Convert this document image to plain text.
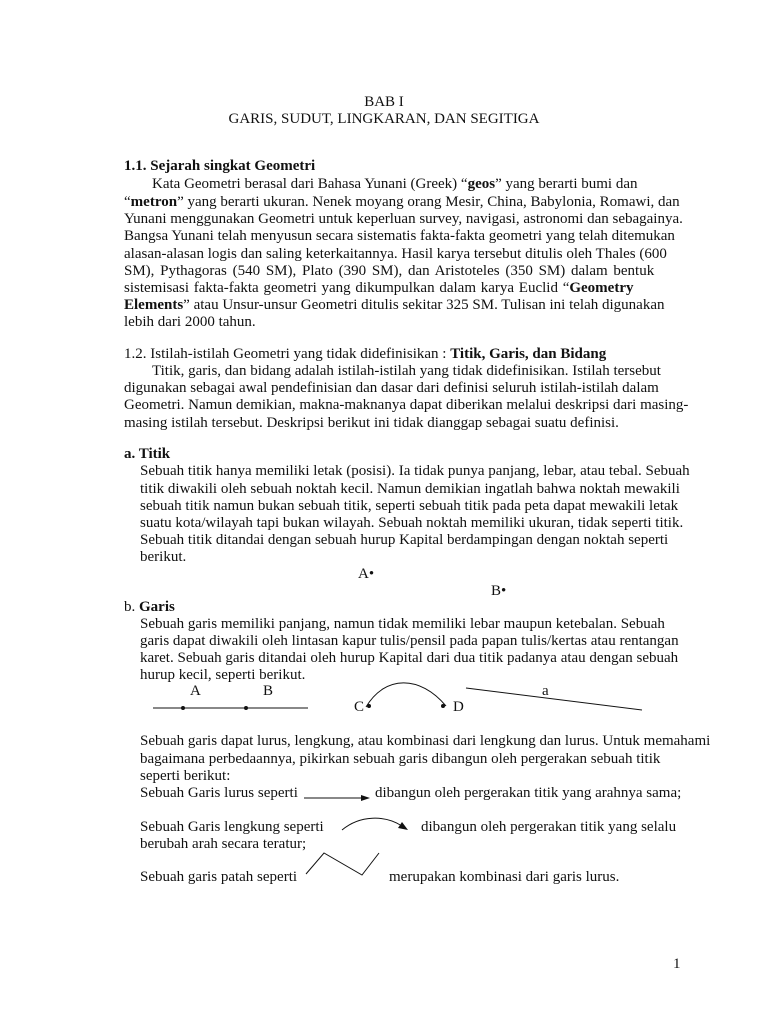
BAB I
GARIS, SUDUT, LINGKARAN, DAN SEGITIGA
1.1. Sejarah singkat Geometri
Kata Geometri berasal dari Bahasa Yunani (Greek) “geos” yang berarti bumi dan
“metron” yang berarti ukuran. Nenek moyang orang Mesir, China, Babylonia, Romawi, dan
Yunani menggunakan Geometri untuk keperluan survey, navigasi, astronomi dan sebagainya.
Bangsa Yunani telah menyusun secara sistematis fakta-fakta geometri yang telah ditemukan
alasan-alasan logis dan saling keterkaitannya. Hasil karya tersebut ditulis oleh Thales (600
SM), Pythagoras (540 SM), Plato (390 SM), dan Aristoteles (350 SM) dalam bentuk
sistemisasi fakta-fakta geometri yang dikumpulkan dalam karya Euclid “Geometry
Elements” atau Unsur-unsur Geometri ditulis sekitar 325 SM. Tulisan ini telah digunakan
lebih dari 2000 tahun.
1.2. Istilah-istilah Geometri yang tidak didefinisikan : Titik, Garis, dan Bidang
Titik, garis, dan bidang adalah istilah-istilah yang tidak didefinisikan. Istilah tersebut
digunakan sebagai awal pendefinisian dan dasar dari definisi seluruh istilah-istilah dalam
Geometri. Namun demikian, makna-maknanya dapat diberikan melalui deskripsi dari masing-
masing istilah tersebut. Deskripsi berikut ini tidak dianggap sebagai suatu definisi.
a. Titik
Sebuah titik hanya memiliki letak (posisi). Ia tidak punya panjang, lebar, atau tebal. Sebuah
titik diwakili oleh sebuah noktah kecil. Namun demikian ingatlah bahwa noktah mewakili
sebuah titik namun bukan sebuah titik, seperti sebuah titik pada peta dapat mewakili letak
suatu kota/wilayah tapi bukan wilayah. Sebuah noktah memiliki ukuran, tidak seperti titik.
Sebuah titik ditandai dengan sebuah hurup Kapital berdampingan dengan noktah seperti
berikut.
A•
B•
b. Garis
Sebuah garis memiliki panjang, namun tidak memiliki lebar maupun ketebalan. Sebuah
garis dapat diwakili oleh lintasan kapur tulis/pensil pada papan tulis/kertas atau rentangan
karet. Sebuah garis ditandai oleh hurup Kapital dari dua titik padanya atau dengan sebuah
hurup kecil, seperti berikut.
A	B
C	D
a
Sebuah garis dapat lurus, lengkung, atau kombinasi dari lengkung dan lurus. Untuk memahami
bagaimana perbedaannya, pikirkan sebuah garis dibangun oleh pergerakan sebuah titik
seperti berikut:
Sebuah Garis lurus seperti	dibangun oleh pergerakan titik yang arahnya sama;
Sebuah Garis lengkung seperti	dibangun oleh pergerakan titik yang selalu
berubah arah secara teratur;
Sebuah garis patah seperti	merupakan kombinasi dari garis lurus.
1
